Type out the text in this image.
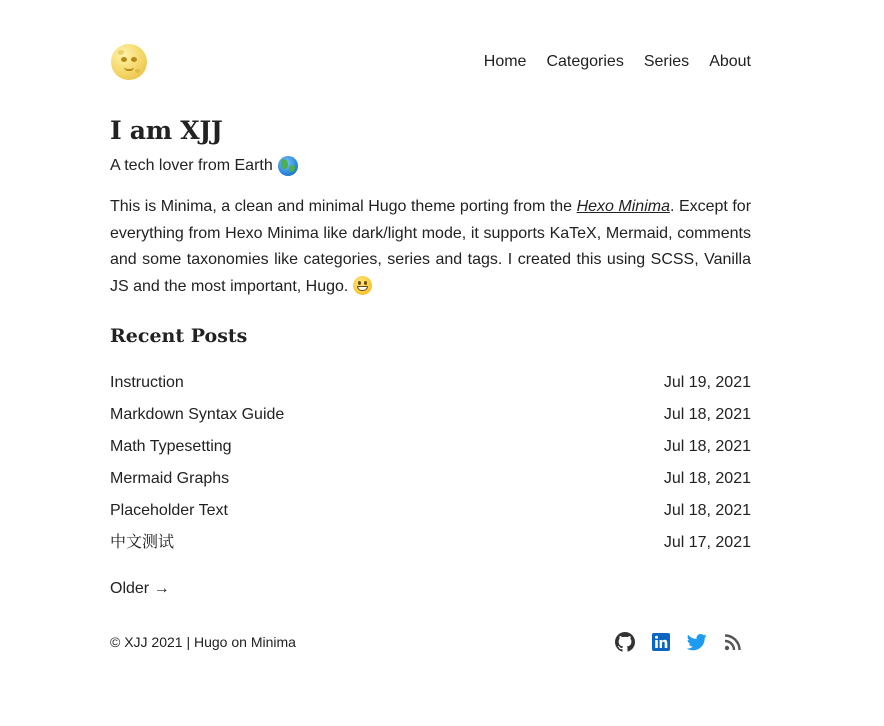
Home Categories Series About
I am XJJ
A tech lover from Earth

This is Minima, a clean and minimal Hugo theme porting from the Hexo Minima. Except for everything from Hexo Minima like dark/light mode, it supports KaTeX, Mermaid, comments and some taxonomies like categories, series and tags. I created this using SCSS, Vanilla JS and the most important, Hugo.

Recent Posts
Instruction	Jul 19, 2021
Markdown Syntax Guide	Jul 18, 2021
Math Typesetting	Jul 18, 2021
Mermaid Graphs	Jul 18, 2021
Placeholder Text	Jul 18, 2021
中文测试	Jul 17, 2021
Older →
© XJJ 2021 | Hugo on Minima
